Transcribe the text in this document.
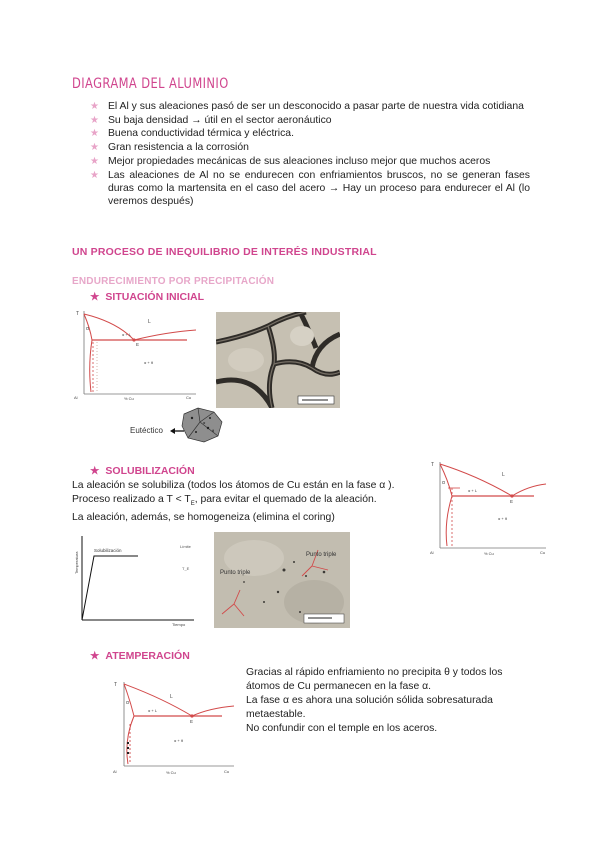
DIAGRAMA DEL ALUMINIO
★ El Al y sus aleaciones pasó de ser un desconocido a pasar parte de nuestra vida cotidiana
★ Su baja densidad → útil en el sector aeronáutico
★ Buena conductividad térmica y eléctrica.
★ Gran resistencia a la corrosión
★ Mejor propiedades mecánicas de sus aleaciones incluso mejor que muchos aceros
★ Las aleaciones de Al no se endurecen con enfriamientos bruscos, no se generan fases duras como la martensita en el caso del acero → Hay un proceso para endurecer el Al (lo veremos después)
UN PROCESO DE INEQUILIBRIO DE INTERÉS INDUSTRIAL
ENDURECIMIENTO POR PRECIPITACIÓN
★ SITUACIÓN INICIAL
T
L
α
α + L
E
α + θ
Al	Cu
% Cu
Eutéctico
α
θ
★ SOLUBILIZACIÓN
La aleación se solubiliza (todos los átomos de Cu están en la fase α ).
Proceso realizado a $T < T_E$, para evitar el quemado de la aleación.
La aleación, además, se homogeneiza (elimina el coring)
T
L
α
α + L
E
α + θ
Al	Cu
% Cu
Temperatura
Solubilización
Tiempo
Límite
T_E
Punto triple
Punto triple
★ ATEMPERACIÓN
Gracias al rápido enfriamiento no precipita θ y todos los
átomos de Cu permanecen en la fase α.
La fase α es ahora una solución sólida sobresaturada
metaestable.
No confundir con el temple en los aceros.
T
L
α
α + L
E
α + θ
Al	Cu
% Cu
